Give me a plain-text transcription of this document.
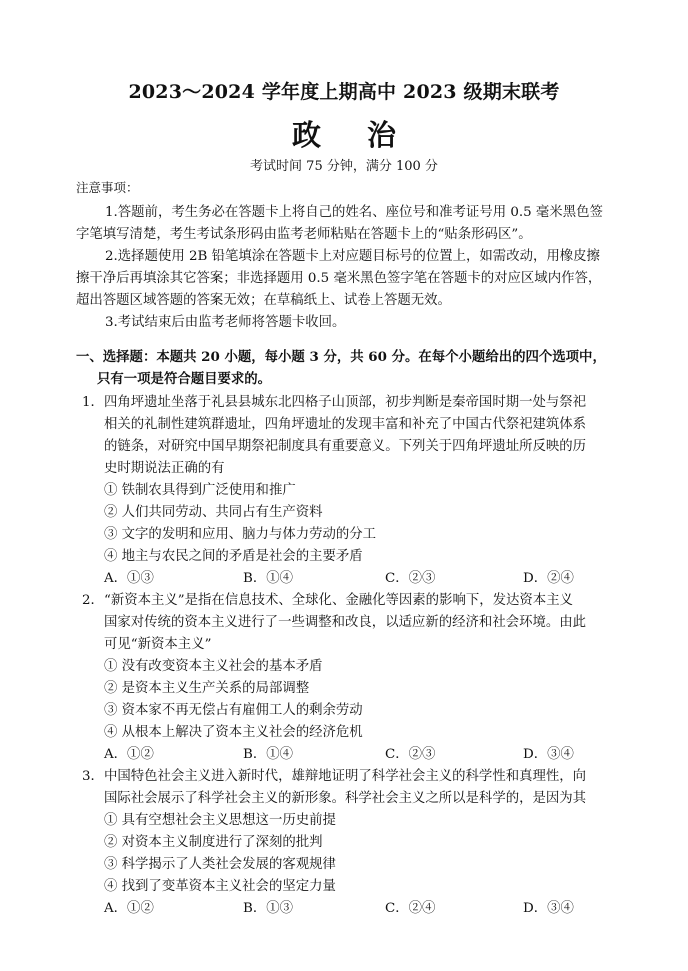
2023～2024 学年度上期高中 2023 级期末联考
政 治
考试时间 75 分钟，满分 100 分
注意事项：
1.答题前，考生务必在答题卡上将自己的姓名、座位号和准考证号用 0.5 毫米黑色签
字笔填写清楚，考生考试条形码由监考老师粘贴在答题卡上的“贴条形码区”。
2.选择题使用 2B 铅笔填涂在答题卡上对应题目标号的位置上，如需改动，用橡皮擦
擦干净后再填涂其它答案；非选择题用 0.5 毫米黑色签字笔在答题卡的对应区域内作答，
超出答题区域答题的答案无效；在草稿纸上、试卷上答题无效。
3.考试结束后由监考老师将答题卡收回。
一、选择题：本题共 20 小题，每小题 3 分，共 60 分。在每个小题给出的四个选项中，
只有一项是符合题目要求的。
1． 四角坪遗址坐落于礼县县城东北四格子山顶部，初步判断是秦帝国时期一处与祭祀
相关的礼制性建筑群遗址，四角坪遗址的发现丰富和补充了中国古代祭祀建筑体系
的链条，对研究中国早期祭祀制度具有重要意义。下列关于四角坪遗址所反映的历
史时期说法正确的有
① 铁制农具得到广泛使用和推广
② 人们共同劳动、共同占有生产资料
③ 文字的发明和应用、脑力与体力劳动的分工
④ 地主与农民之间的矛盾是社会的主要矛盾
A．①③	B．①④	C．②③	D．②④
2． “新资本主义”是指在信息技术、全球化、金融化等因素的影响下，发达资本主义
国家对传统的资本主义进行了一些调整和改良，以适应新的经济和社会环境。由此
可见“新资本主义”
① 没有改变资本主义社会的基本矛盾
② 是资本主义生产关系的局部调整
③ 资本家不再无偿占有雇佣工人的剩余劳动
④ 从根本上解决了资本主义社会的经济危机
A．①②	B．①④	C．②③	D．③④
3． 中国特色社会主义进入新时代，雄辩地证明了科学社会主义的科学性和真理性，向
国际社会展示了科学社会主义的新形象。科学社会主义之所以是科学的，是因为其
① 具有空想社会主义思想这一历史前提
② 对资本主义制度进行了深刻的批判
③ 科学揭示了人类社会发展的客观规律
④ 找到了变革资本主义社会的坚定力量
A．①②	B．①③	C．②④	D．③④
